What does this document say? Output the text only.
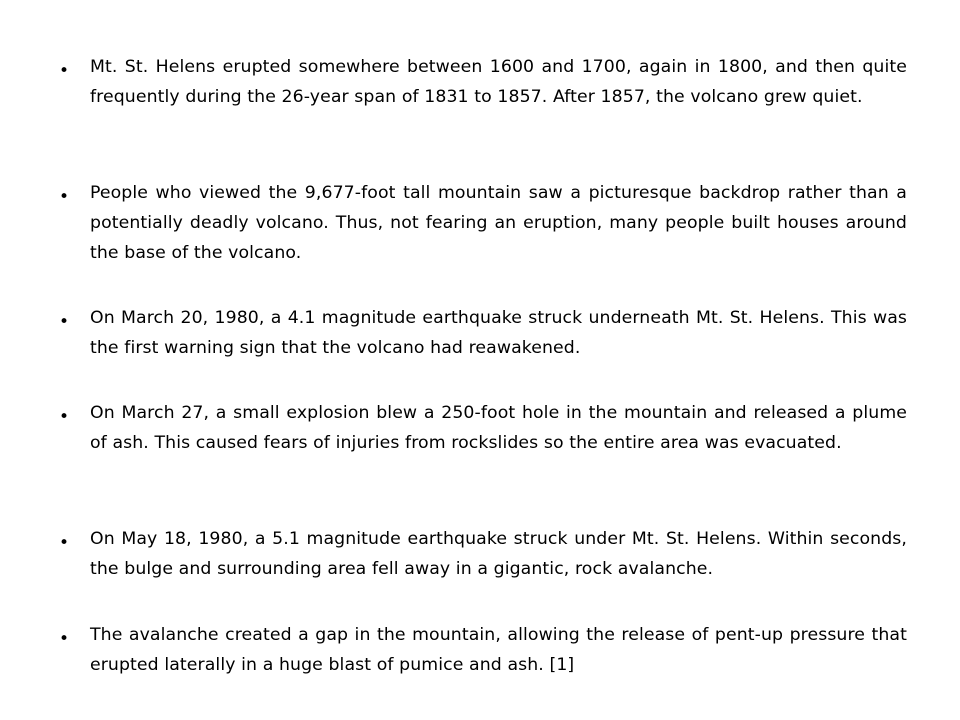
• Mt. St. Helens erupted somewhere between 1600 and 1700, again in 1800, and then quite frequently during the 26-year span of 1831 to 1857. After 1857, the volcano grew quiet.
• People who viewed the 9,677-foot tall mountain saw a picturesque backdrop rather than a potentially deadly volcano. Thus, not fearing an eruption, many people built houses around the base of the volcano.
• On March 20, 1980, a 4.1 magnitude earthquake struck underneath Mt. St. Helens. This was the first warning sign that the volcano had reawakened.
• On March 27, a small explosion blew a 250-foot hole in the mountain and released a plume of ash. This caused fears of injuries from rockslides so the entire area was evacuated.
• On May 18, 1980, a 5.1 magnitude earthquake struck under Mt. St. Helens. Within seconds, the bulge and surrounding area fell away in a gigantic, rock avalanche.
• The avalanche created a gap in the mountain, allowing the release of pent-up pressure that erupted laterally in a huge blast of pumice and ash. [1]
